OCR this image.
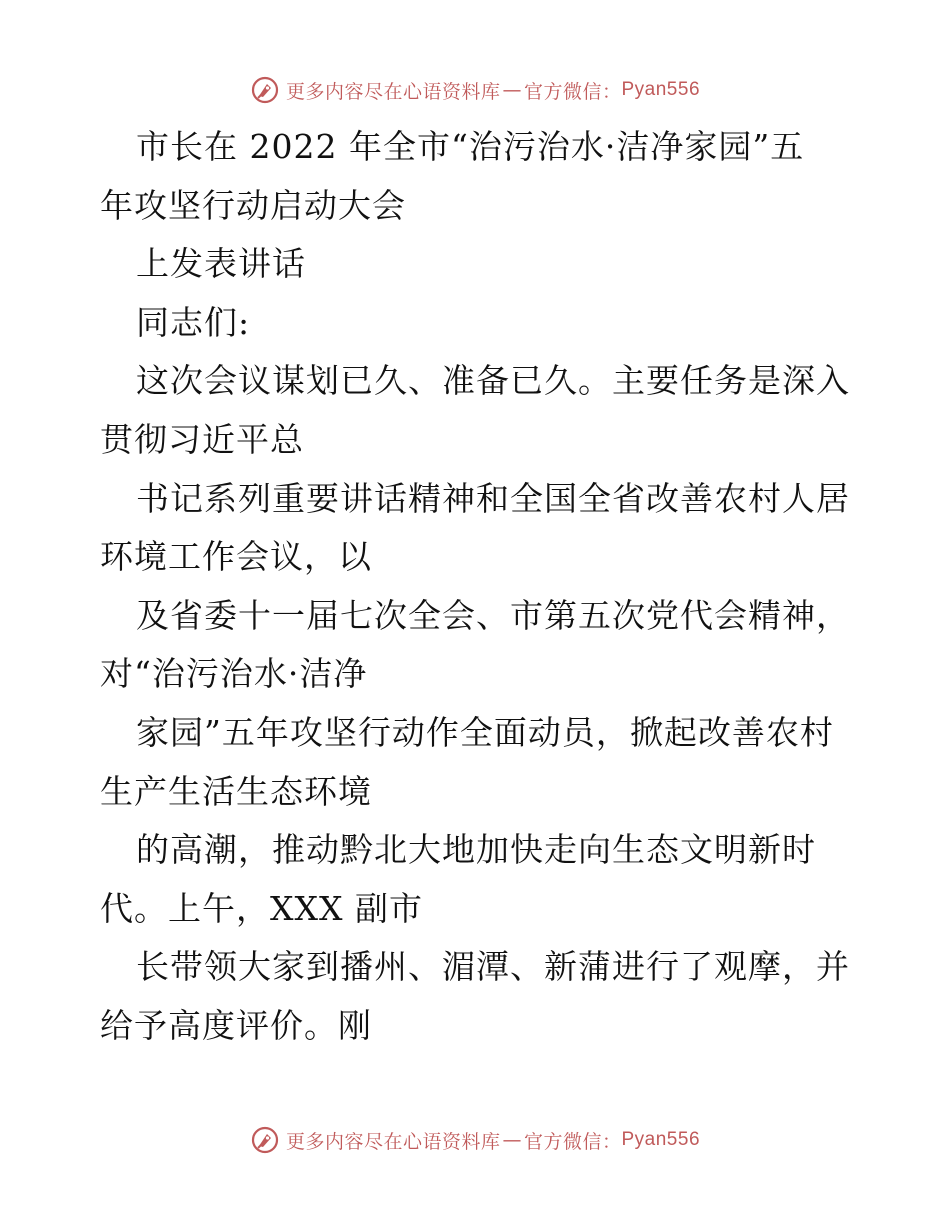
更多内容尽在心语资料库 — 官方微信： Pyan556
市长在 2022 年全市“治污治水·洁净家园”五
年攻坚行动启动大会
上发表讲话
同志们:
这次会议谋划已久、准备已久。主要任务是深入
贯彻习近平总
书记系列重要讲话精神和全国全省改善农村人居
环境工作会议，以
及省委十一届七次全会、市第五次党代会精神，
对“治污治水·洁净
家园”五年攻坚行动作全面动员，掀起改善农村
生产生活生态环境
的高潮，推动黔北大地加快走向生态文明新时
代。上午，XXX 副市
长带领大家到播州、湄潭、新蒲进行了观摩，并
给予高度评价。刚
更多内容尽在心语资料库 — 官方微信： Pyan556
